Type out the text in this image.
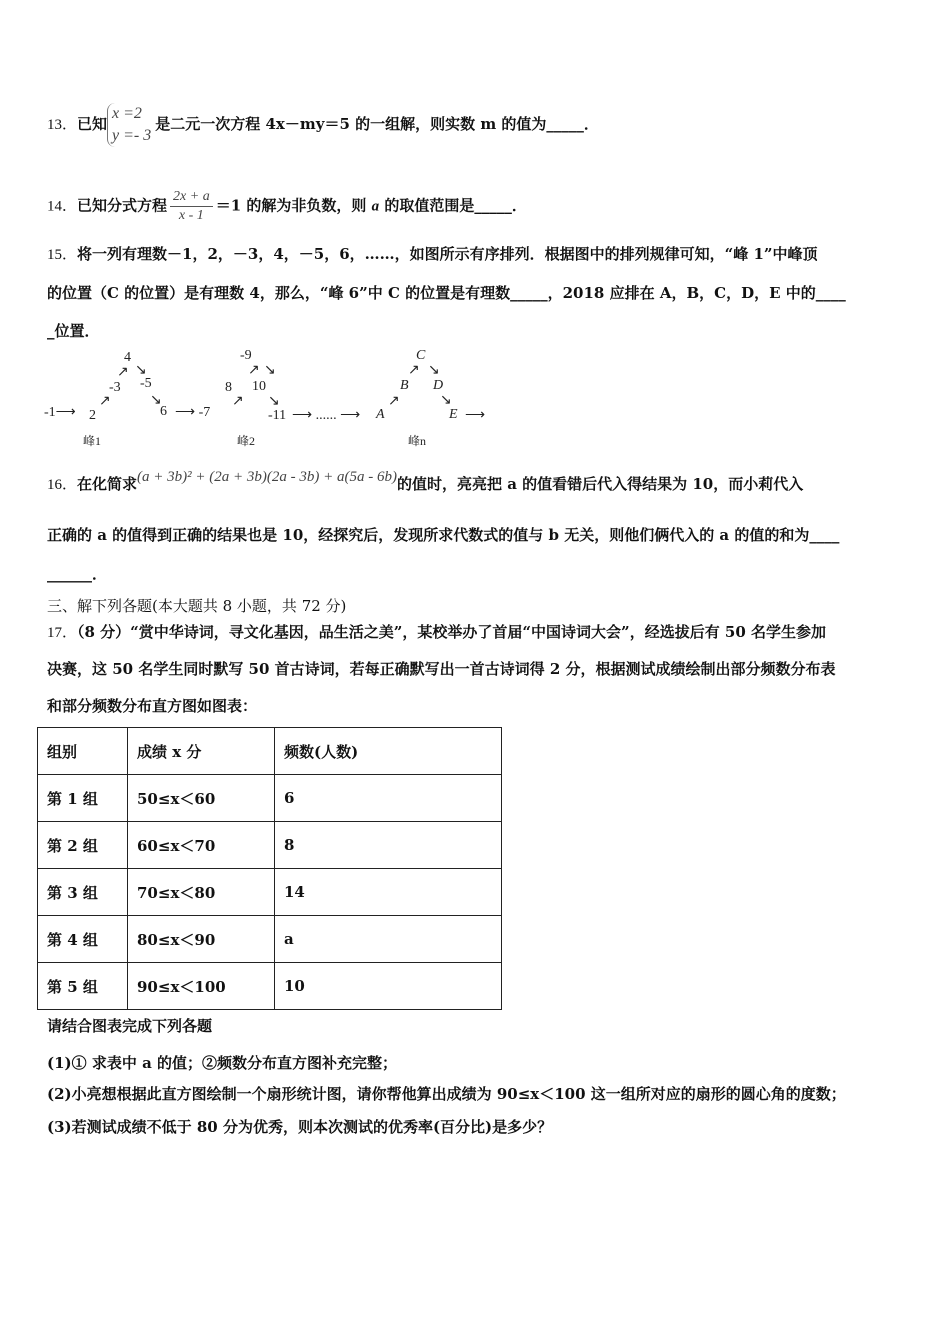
13．已知
x =2
y =- 3
是二元一次方程 4x－my＝5 的一组解，则实数 m 的值为_____．
14．已知分式方程 $\frac{2x + a}{x - 1} =1$ 的解为非负数，则 a 的取值范围是_____．
15．将一列有理数－1，2，－3，4，－5，6，……，如图所示有序排列．根据图中的排列规律可知，“峰 1”中峰顶
的位置（C 的位置）是有理数 4，那么，“峰 6”中 C 的位置是有理数_____，2018 应排在 A，B，C，D，E 中的____
_位置．
-1⟶ 2
-3
4
-5
6 ⟶ -7
8
-9
10
-11 ⟶ ...... ⟶ A
B
C
D
E ⟶
峰1	峰2	峰n
↗
↗ ↘
↘	↗
↗ ↘
↘	↗
↗ ↘
↘
16．在化简求(a + 3b)² + (2a + 3b)(2a - 3b) + a(5a - 6b)的值时，亮亮把 a 的值看错后代入得结果为 10，而小莉代入
正确的 a 的值得到正确的结果也是 10，经探究后，发现所求代数式的值与 b 无关，则他们俩代入的 a 的值的和为____
______．
三、解下列各题(本大题共 8 小题，共 72 分)
17．（8 分）“赏中华诗词，寻文化基因，品生活之美”，某校举办了首届“中国诗词大会”，经选拔后有 50 名学生参加
决赛，这 50 名学生同时默写 50 首古诗词，若每正确默写出一首古诗词得 2 分，根据测试成绩绘制出部分频数分布表
和部分频数分布直方图如图表：
组别	成绩 x 分	频数(人数)
第 1 组	50≤x＜60	6
第 2 组	60≤x＜70	8
第 3 组	70≤x＜80	14
第 4 组	80≤x＜90	a
第 5 组	90≤x＜100	10
请结合图表完成下列各题
(1)① 求表中 a 的值；②频数分布直方图补充完整；
(2)小亮想根据此直方图绘制一个扇形统计图，请你帮他算出成绩为 90≤x＜100 这一组所对应的扇形的圆心角的度数；
(3)若测试成绩不低于 80 分为优秀，则本次测试的优秀率(百分比)是多少？
